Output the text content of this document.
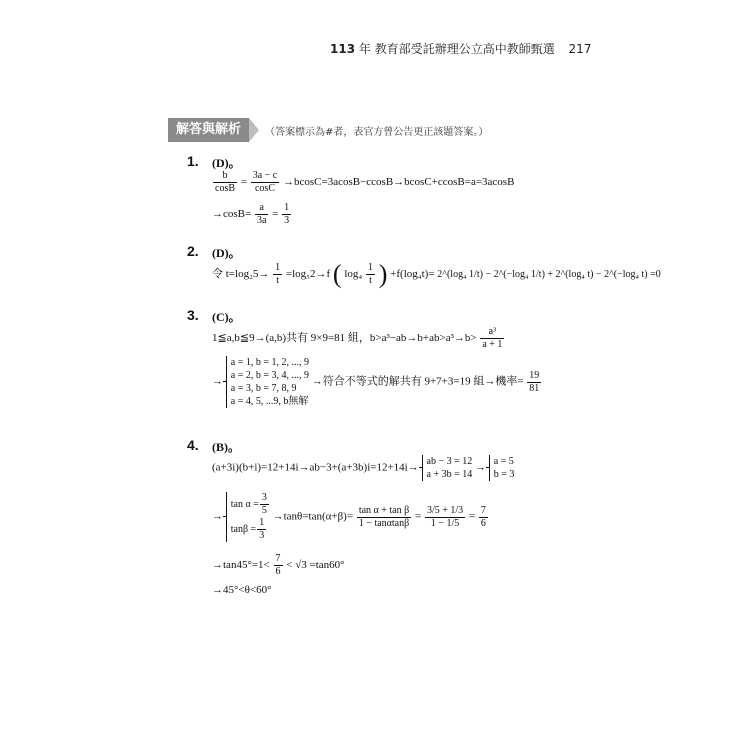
113 年 教育部受託辦理公立高中教師甄選 217
解答與解析	（答案標示為#者，表官方曾公告更正該題答案。）
1. (D)。
$\frac{b}{\cos B} = \frac{3a - c}{\cos C} \to bcosC=3acosB-ccosB\to bcosC+ccosB=a=3acosB$
$\to\cos B= \frac{a}{3a} = \frac{1}{3}$
2. (D)。
令 $t=\log_25\to \frac{1}{t} =\log_52\to f$ ( $\log_4 \frac{1}{t}$ ) +f(log₄t)= 2^(log₄ 1/t) − 2^(−log₄ 1/t) + 2^(log₄ t) − 2^(−log₄ t) =0
3. (C)。
1≦a,b≦9→(a,b)共有 9×9=81 組，$b>a^3-ab\to b+ab>a^3\to b> \frac{\text{a³}}{a + 1}$
→
a = 1, b = 1, 2, ..., 9
a = 2, b = 3, 4, ..., 9
a = 3, b = 7, 8, 9
a = 4, 5, ...9, b無解
→符合不等式的解共有 9+7+3=19 組→機率= $\frac{19}{81}$
4. (B)。
(a+3i)(b+i)=12+14i→ab−3+(a+3b)i=12+14i→
ab − 3 = 12
a + 3b = 14
→
a = 5
b = 3
→
$\tan \alpha = \frac{3}{5}$
$\tan\beta = \frac{1}{3}$
$\to\tan\theta=\tan(\alpha+\beta)= \frac{\text{tan α + tan β}}{1 - \tan\alpha\tan\beta} = \frac{3/5 + 1/3}{1 - 1/5} = \frac{7}{6}$
$\to\tan 45^\circ=1< \frac{7}{6} < √3 =\tan 60^\circ$
→45°<θ<60°
